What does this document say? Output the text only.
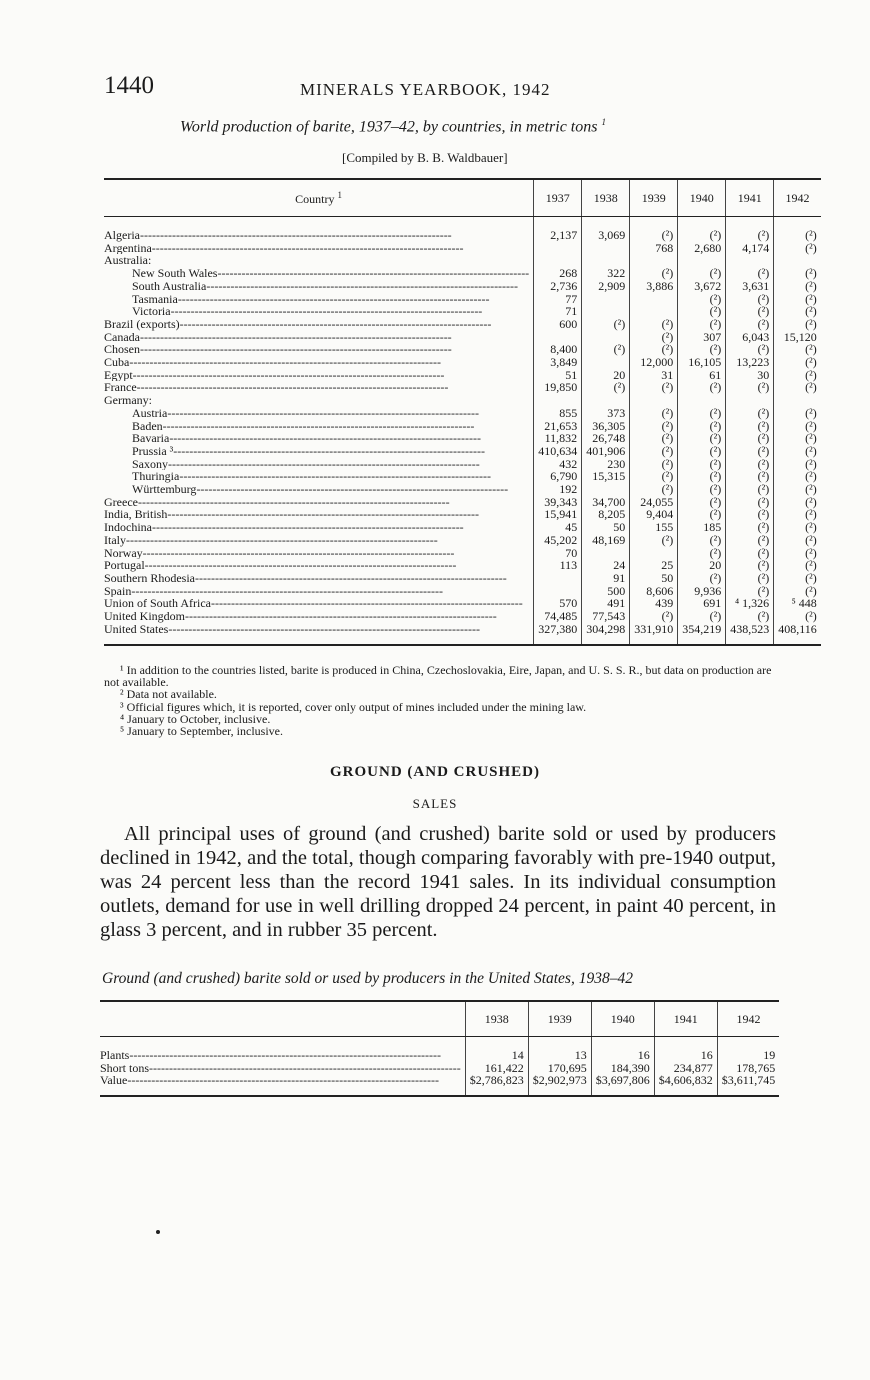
1440	MINERALS YEARBOOK, 1942
World production of barite, 1937–42, by countries, in metric tons $^1$
[Compiled by B. B. Waldbauer]
Country $^1$	1937	1938	1939	1940	1941	1942
Algeria -----	2,137	3,069	(²)	(²)	(²)	(²)
Argentina -----			768	2,680	4,174	(²)
Australia:						
New South Wales -----	268	322	(²)	(²)	(²)	(²)
South Australia -----	2,736	2,909	3,886	3,672	3,631	(²)
Tasmania -----	77			(²)	(²)	(²)
Victoria -----	71			(²)	(²)	(²)
Brazil (exports) -----	600	(²)	(²)	(²)	(²)	(²)
Canada -----			(²)	307	6,043	15,120
Chosen -----	8,400	(²)	(²)	(²)	(²)	(²)
Cuba -----	3,849		12,000	16,105	13,223	(²)
Egypt -----	51	20	31	61	30	(²)
France -----	19,850	(²)	(²)	(²)	(²)	(²)
Germany:						
Austria -----	855	373	(²)	(²)	(²)	(²)
Baden -----	21,653	36,305	(²)	(²)	(²)	(²)
Bavaria -----	11,832	26,748	(²)	(²)	(²)	(²)
Prussia ³ -----	410,634	401,906	(²)	(²)	(²)	(²)
Saxony -----	432	230	(²)	(²)	(²)	(²)
Thuringia -----	6,790	15,315	(²)	(²)	(²)	(²)
Württemburg -----	192		(²)	(²)	(²)	(²)
Greece -----	39,343	34,700	24,055	(²)	(²)	(²)
India, British -----	15,941	8,205	9,404	(²)	(²)	(²)
Indochina -----	45	50	155	185	(²)	(²)
Italy -----	45,202	48,169	(²)	(²)	(²)	(²)
Norway -----	70			(²)	(²)	(²)
Portugal -----	113	24	25	20	(²)	(²)
Southern Rhodesia -----		91	50	(²)	(²)	(²)
Spain -----		500	8,606	9,936	(²)	(²)
Union of South Africa -----	570	491	439	691	⁴ 1,326	⁵ 448
United Kingdom -----	74,485	77,543	(²)	(²)	(²)	(²)
United States -----	327,380	304,298	331,910	354,219	438,523	408,116
¹ In addition to the countries listed, barite is produced in China, Czechoslovakia, Eire, Japan, and U. S. S. R., but data on production are not available.
² Data not available.
³ Official figures which, it is reported, cover only output of mines included under the mining law.
⁴ January to October, inclusive.
⁵ January to September, inclusive.
GROUND (AND CRUSHED)
SALES
All principal uses of ground (and crushed) barite sold or used by producers declined in 1942, and the total, though comparing favorably with pre-1940 output, was 24 percent less than the record 1941 sales. In its individual consumption outlets, demand for use in well drilling dropped 24 percent, in paint 40 percent, in glass 3 percent, and in rubber 35 percent.
Ground (and crushed) barite sold or used by producers in the United States, 1938–42
	1938	1939	1940	1941	1942
Plants -----	14	13	16	16	19
Short tons -----	161,422	170,695	184,390	234,877	178,765
Value -----	$2,786,823	$2,902,973	$3,697,806	$4,606,832	$3,611,745
